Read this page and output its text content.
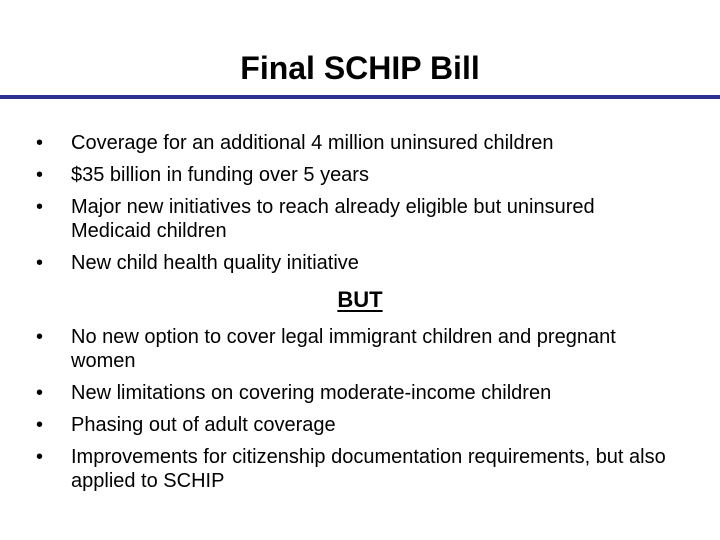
Final SCHIP Bill
•	Coverage for an additional 4 million uninsured children
•	$35 billion in funding over 5 years
•	Major new initiatives to reach already eligible but uninsured Medicaid children
•	New child health quality initiative
BUT
•	No new option to cover legal immigrant children and pregnant women
•	New limitations on covering moderate-income children
•	Phasing out of adult coverage
•	Improvements for citizenship documentation requirements, but also applied to SCHIP
